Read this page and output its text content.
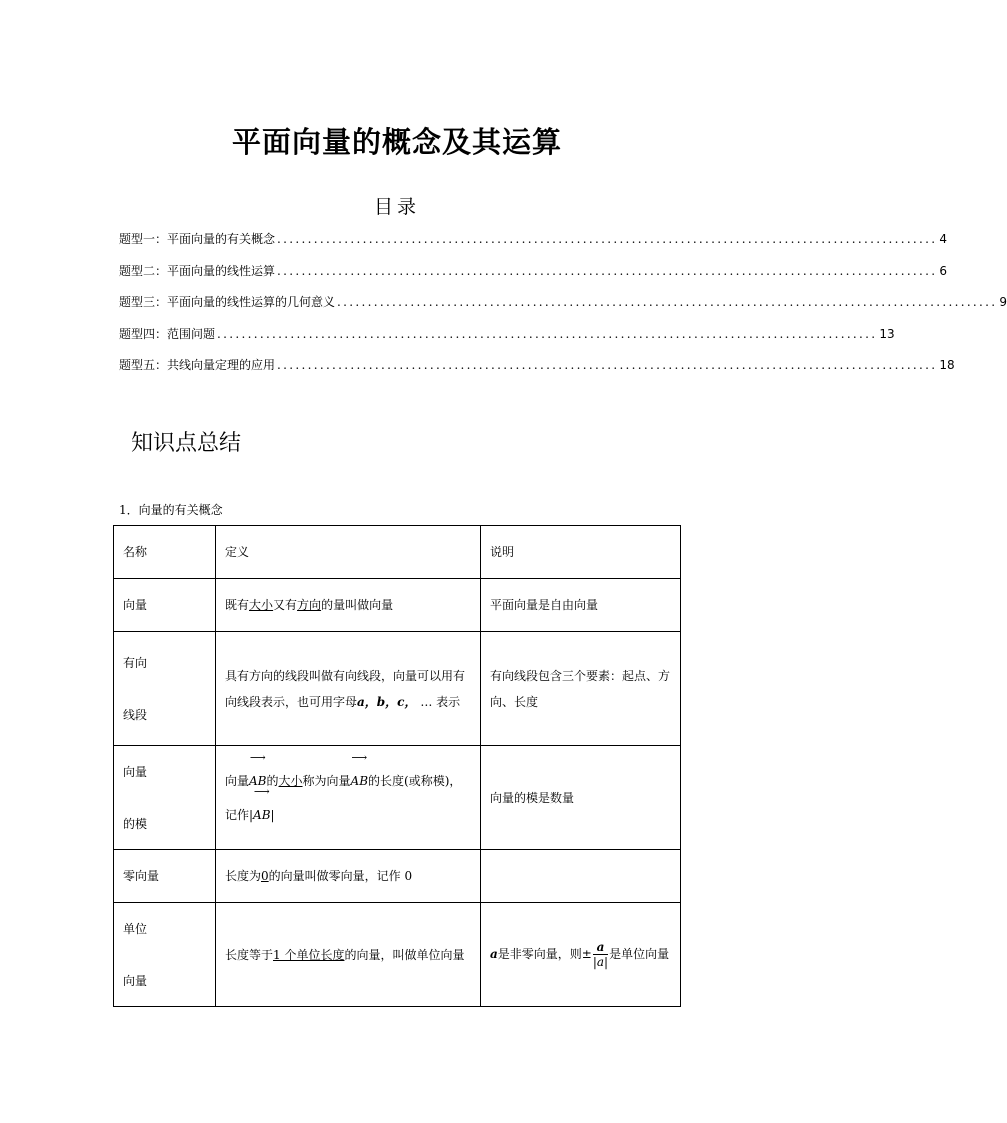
平面向量的概念及其运算
目录
题型一： 平面向量的有关概念 ............................................................................................................ 4
题型二： 平面向量的线性运算 ............................................................................................................ 6
题型三： 平面向量的线性运算的几何意义 ............................................................................................................ 9
题型四： 范围问题 ............................................................................................................ 13
题型五： 共线向量定理的应用 ............................................................................................................ 18
知识点总结
1．向量的有关概念
名称	定义	说明
向量	既有大小又有方向的量叫做向量	平面向量是自由向量

有向
线段	具有方向的线段叫做有向线段，向量可以用有向线段表示，也可用字母a，b，c， … 表示	有向线段包含三个要素：起点、方向、长度

向量
的模	向量⟶ AB的大小称为向量⟶ AB的长度(或称模)，记作|⟶ AB|	向量的模是数量
零向量	长度为0的向量叫做零向量，记作 0	

单位
向量	长度等于1 个单位长度的向量，叫做单位向量	a是非零向量，则± $\frac{a}{|a|}$ 是单位向量
